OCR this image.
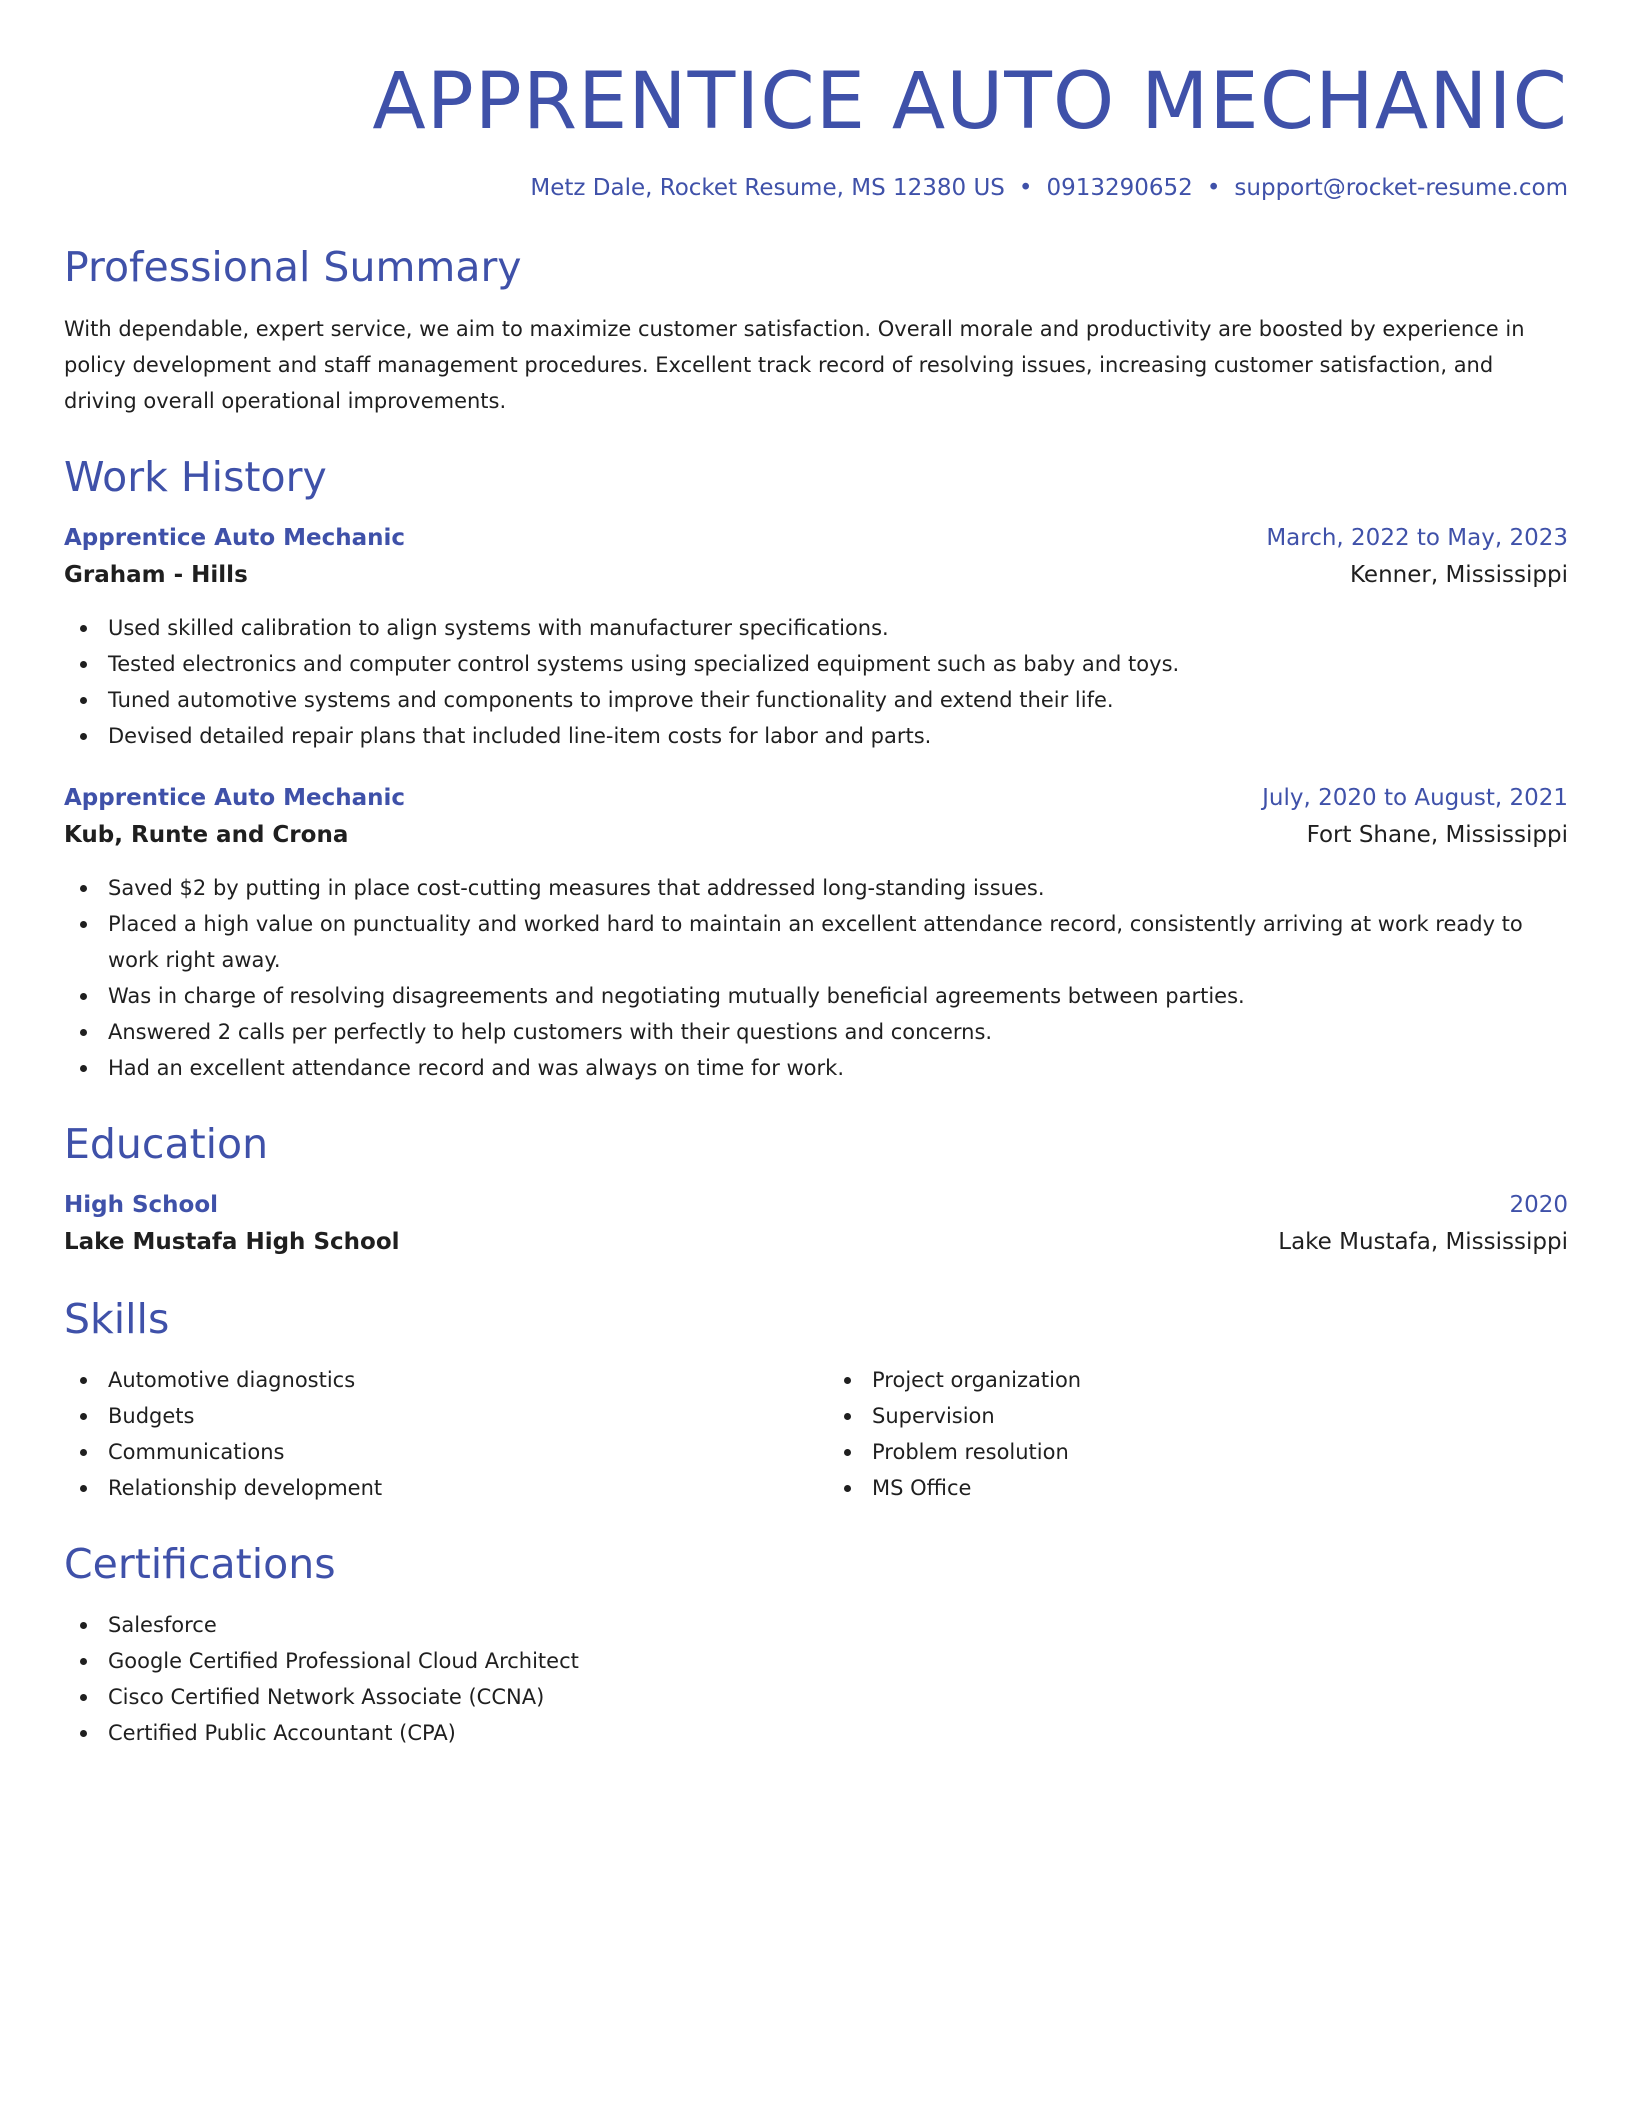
APPRENTICE AUTO MECHANIC
Metz Dale, Rocket Resume, MS 12380 US • 0913290652 • support@rocket-resume.com
Professional Summary

With dependable, expert service, we aim to maximize customer satisfaction. Overall morale and productivity are boosted by experience in policy development and staff management procedures. Excellent track record of resolving issues, increasing customer satisfaction, and driving overall operational improvements.

Work History
Apprentice Auto Mechanic	March, 2022 to May, 2023
Graham - Hills	Kenner, Mississippi
Used skilled calibration to align systems with manufacturer specifications.
Tested electronics and computer control systems using specialized equipment such as baby and toys.
Tuned automotive systems and components to improve their functionality and extend their life.
Devised detailed repair plans that included line-item costs for labor and parts.
Apprentice Auto Mechanic	July, 2020 to August, 2021
Kub, Runte and Crona	Fort Shane, Mississippi
Saved $2 by putting in place cost-cutting measures that addressed long-standing issues.
Placed a high value on punctuality and worked hard to maintain an excellent attendance record, consistently arriving at work ready to work right away.
Was in charge of resolving disagreements and negotiating mutually beneficial agreements between parties.
Answered 2 calls per perfectly to help customers with their questions and concerns.
Had an excellent attendance record and was always on time for work.
Education
High School	2020
Lake Mustafa High School	Lake Mustafa, Mississippi
Skills
Automotive diagnostics
Budgets
Communications
Relationship development
Project organization
Supervision
Problem resolution
MS Office
Certifications
Salesforce
Google Certified Professional Cloud Architect
Cisco Certified Network Associate (CCNA)
Certified Public Accountant (CPA)
